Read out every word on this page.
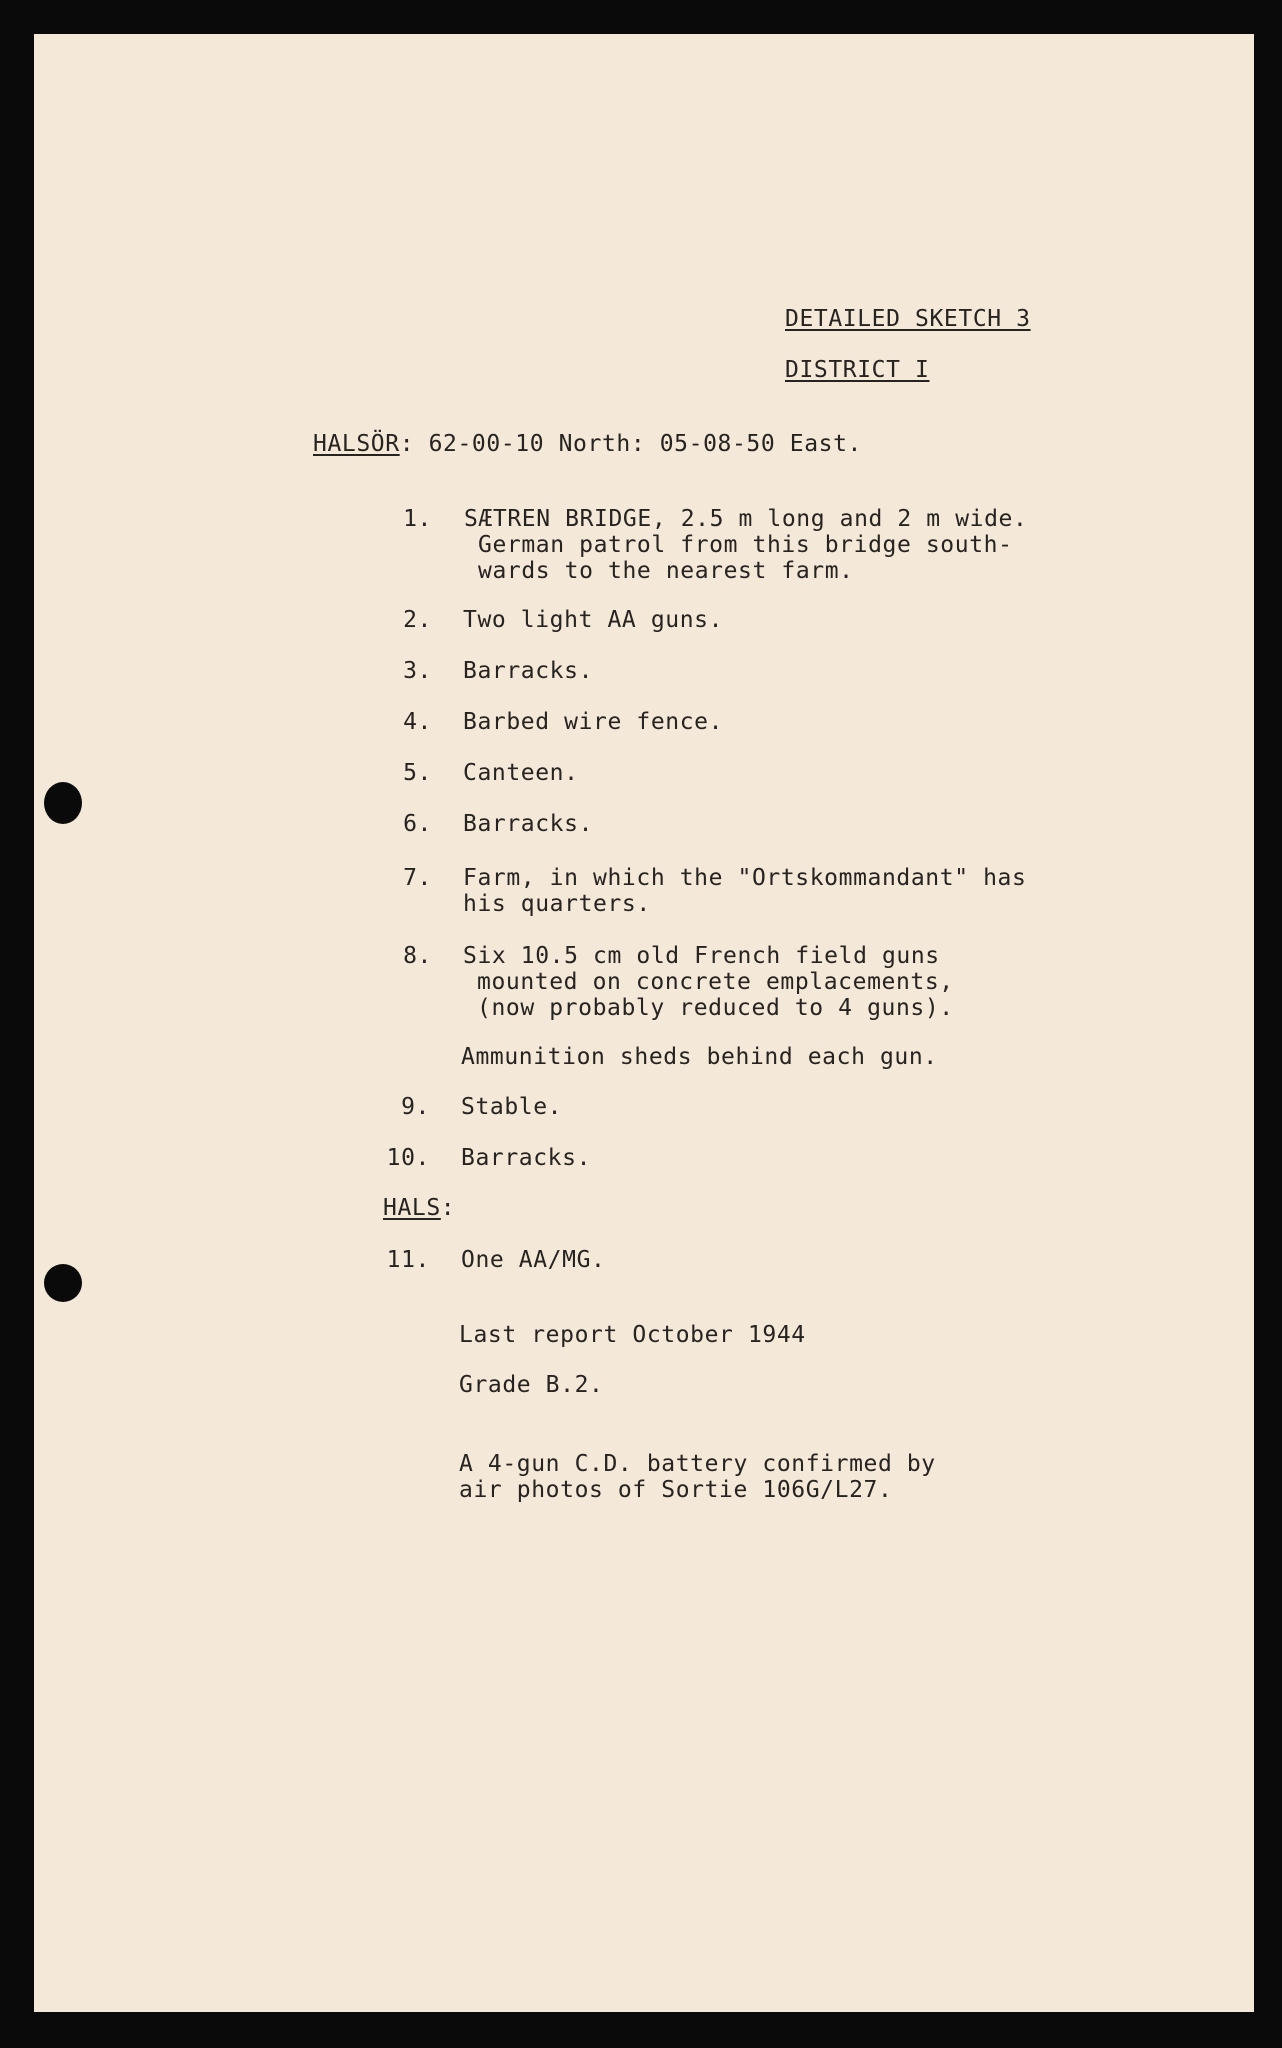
DETAILED SKETCH 3
DISTRICT I
HALSÖR: 62-00-10 North: 05-08-50 East.
1. SÆTREN BRIDGE, 2.5 m long and 2 m wide.
German patrol from this bridge south-
wards to the nearest farm.
2. Two light AA guns.
3. Barracks.
4. Barbed wire fence.
5. Canteen.
6. Barracks.
7. Farm, in which the "Ortskommandant" has
his quarters.
8. Six 10.5 cm old French field guns
mounted on concrete emplacements,
(now probably reduced to 4 guns).
Ammunition sheds behind each gun.
9. Stable.
10. Barracks.
HALS:
11. One AA/MG.
Last report October 1944
Grade B.2.
A 4-gun C.D. battery confirmed by
air photos of Sortie 106G/L27.
